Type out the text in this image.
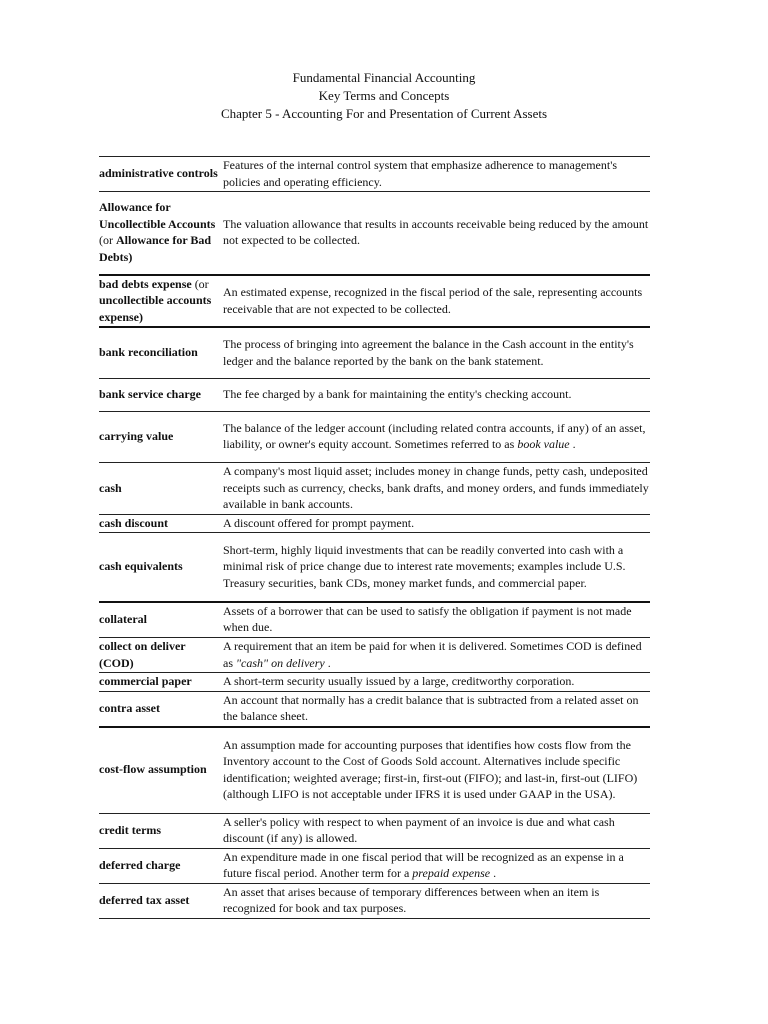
Fundamental Financial Accounting
Key Terms and Concepts
Chapter 5 - Accounting For and Presentation of Current Assets
administrative controls	Features of the internal control system that emphasize adherence to management's policies and operating efficiency.
Allowance for Uncollectible Accounts (or Allowance for Bad Debts)	The valuation allowance that results in accounts receivable being reduced by the amount not expected to be collected.
bad debts expense (or uncollectible accounts expense)	An estimated expense, recognized in the fiscal period of the sale, representing accounts receivable that are not expected to be collected.
bank reconciliation	The process of bringing into agreement the balance in the Cash account in the entity's ledger and the balance reported by the bank on the bank statement.
bank service charge	The fee charged by a bank for maintaining the entity's checking account.
carrying value	The balance of the ledger account (including related contra accounts, if any) of an asset, liability, or owner's equity account. Sometimes referred to as book value .
cash	A company's most liquid asset; includes money in change funds, petty cash, undeposited receipts such as currency, checks, bank drafts, and money orders, and funds immediately available in bank accounts.
cash discount	A discount offered for prompt payment.
cash equivalents	Short-term, highly liquid investments that can be readily converted into cash with a minimal risk of price change due to interest rate movements; examples include U.S. Treasury securities, bank CDs, money market funds, and commercial paper.
collateral	Assets of a borrower that can be used to satisfy the obligation if payment is not made when due.
collect on deliver (COD)	A requirement that an item be paid for when it is delivered. Sometimes COD is defined as "cash" on delivery .
commercial paper	A short-term security usually issued by a large, creditworthy corporation.
contra asset	An account that normally has a credit balance that is subtracted from a related asset on the balance sheet.
cost-flow assumption	An assumption made for accounting purposes that identifies how costs flow from the Inventory account to the Cost of Goods Sold account. Alternatives include specific identification; weighted average; first-in, first-out (FIFO); and last-in, first-out (LIFO) (although LIFO is not acceptable under IFRS it is used under GAAP in the USA).
credit terms	A seller's policy with respect to when payment of an invoice is due and what cash discount (if any) is allowed.
deferred charge	An expenditure made in one fiscal period that will be recognized as an expense in a future fiscal period. Another term for a prepaid expense .
deferred tax asset	An asset that arises because of temporary differences between when an item is recognized for book and tax purposes.
